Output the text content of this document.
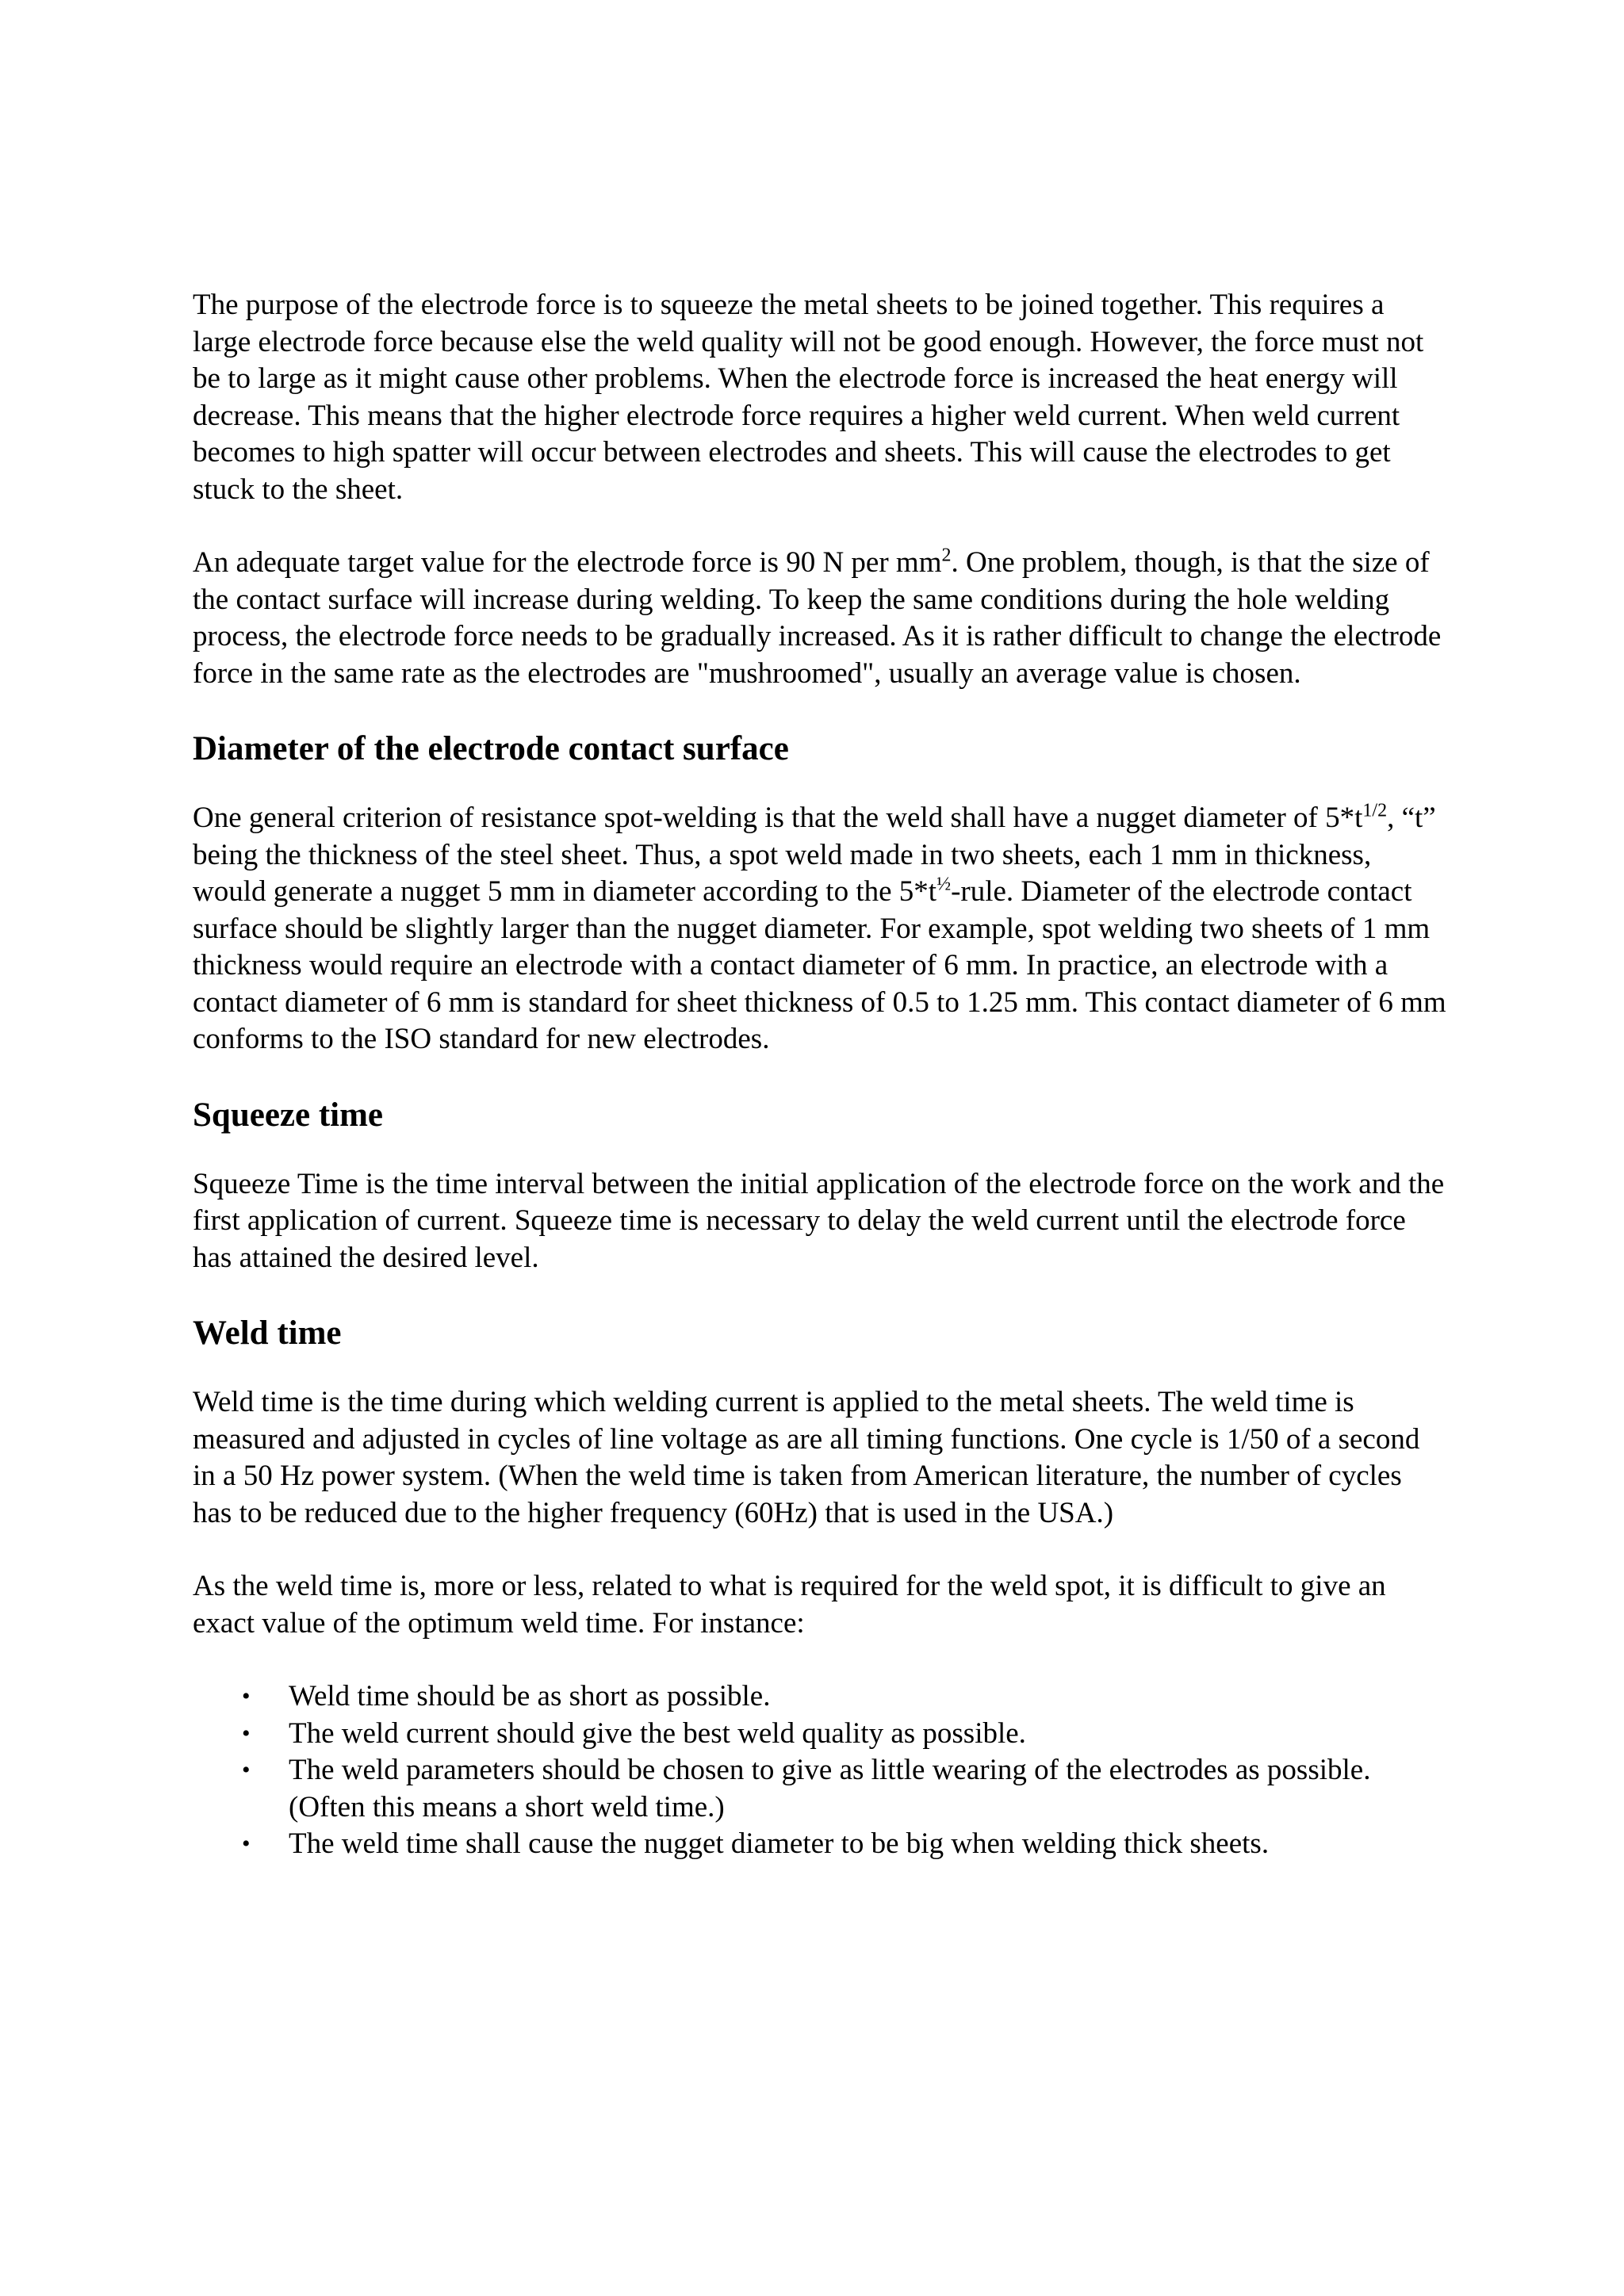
The purpose of the electrode force is to squeeze the metal sheets to be joined together. This requires a large electrode force because else the weld quality will not be good enough. However, the force must not be to large as it might cause other problems. When the electrode force is increased the heat energy will decrease. This means that the higher electrode force requires a higher weld current. When weld current becomes to high spatter will occur between electrodes and sheets. This will cause the electrodes to get stuck to the sheet.

An adequate target value for the electrode force is 90 N per $mm^2$. One problem, though, is that the size of the contact surface will increase during welding. To keep the same conditions during the hole welding process, the electrode force needs to be gradually increased. As it is rather difficult to change the electrode force in the same rate as the electrodes are "mushroomed", usually an average value is chosen.

Diameter of the electrode contact surface

One general criterion of resistance spot-welding is that the weld shall have a nugget diameter of $5*t^{1/2}$, “t” being the thickness of the steel sheet. Thus, a spot weld made in two sheets, each 1 mm in thickness, would generate a nugget 5 mm in diameter according to the $5*t^{\frac{1}{2}}$-rule. Diameter of the electrode contact surface should be slightly larger than the nugget diameter. For example, spot welding two sheets of 1 mm thickness would require an electrode with a contact diameter of 6 mm. In practice, an electrode with a contact diameter of 6 mm is standard for sheet thickness of 0.5 to 1.25 mm. This contact diameter of 6 mm conforms to the ISO standard for new electrodes.

Squeeze time

Squeeze Time is the time interval between the initial application of the electrode force on the work and the first application of current. Squeeze time is necessary to delay the weld current until the electrode force has attained the desired level.

Weld time

Weld time is the time during which welding current is applied to the metal sheets. The weld time is measured and adjusted in cycles of line voltage as are all timing functions. One cycle is 1/50 of a second in a 50 Hz power system. (When the weld time is taken from American literature, the number of cycles has to be reduced due to the higher frequency (60Hz) that is used in the USA.)

As the weld time is, more or less, related to what is required for the weld spot, it is difficult to give an exact value of the optimum weld time. For instance:

• Weld time should be as short as possible.
• The weld current should give the best weld quality as possible.
• The weld parameters should be chosen to give as little wearing of the electrodes as possible. (Often this means a short weld time.)
• The weld time shall cause the nugget diameter to be big when welding thick sheets.
